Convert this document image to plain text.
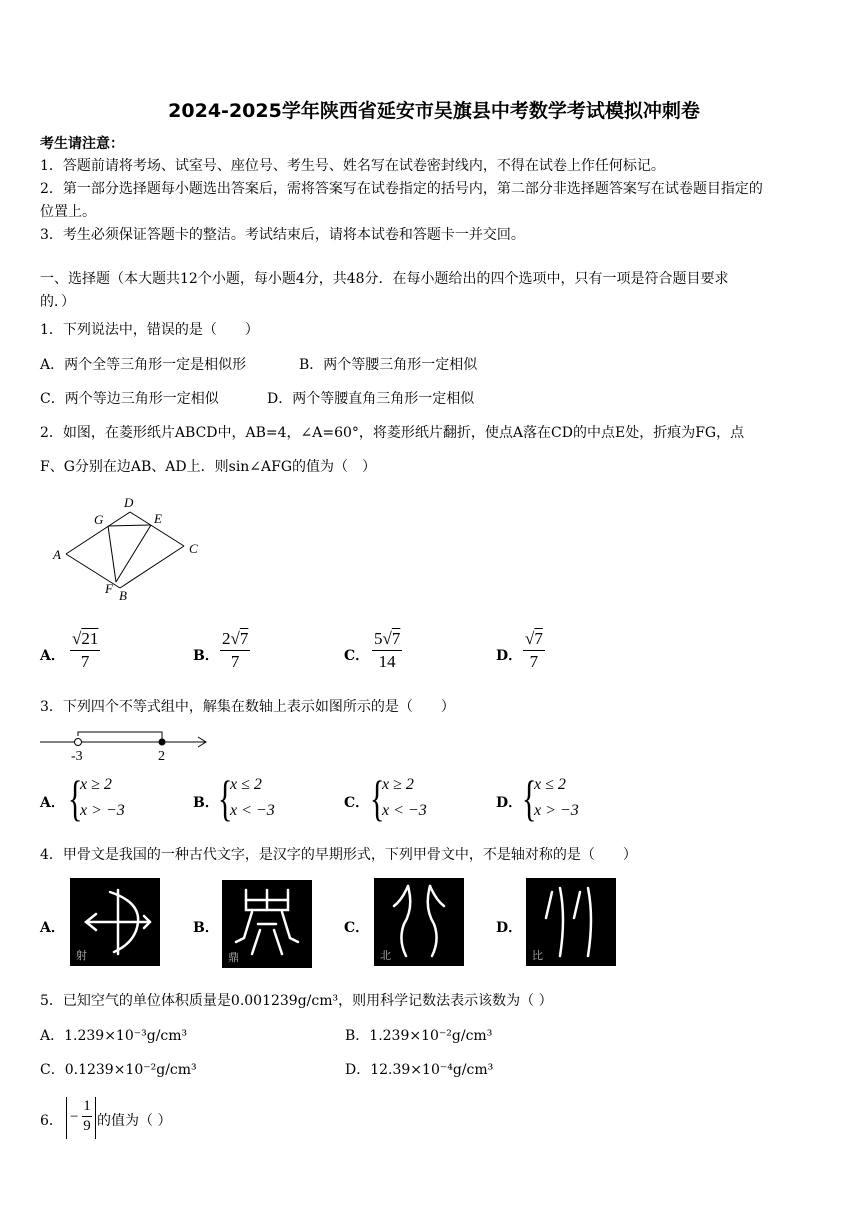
2024-2025学年陕西省延安市吴旗县中考数学考试模拟冲刺卷
考生请注意：
1．答题前请将考场、试室号、座位号、考生号、姓名写在试卷密封线内，不得在试卷上作任何标记。
2．第一部分选择题每小题选出答案后，需将答案写在试卷指定的括号内，第二部分非选择题答案写在试卷题目指定的
位置上。
3．考生必须保证答题卡的整洁。考试结束后，请将本试卷和答题卡一并交回。
一、选择题（本大题共12个小题，每小题4分，共48分．在每小题给出的四个选项中，只有一项是符合题目要求
的．）
1．下列说法中，错误的是（　　）
A．两个全等三角形一定是相似形	B．两个等腰三角形一定相似
C．两个等边三角形一定相似	D．两个等腰直角三角形一定相似
2．如图，在菱形纸片ABCD中，AB=4，∠A=60°，将菱形纸片翻折，使点A落在CD的中点E处，折痕为FG，点
F、G分别在边AB、AD上．则sin∠AFG的值为（　）
A
D
G	E
C
F B
A． $\frac{√21}{7}$	B． $\frac{2√7}{7}$	C． $\frac{5√7}{14}$	D． $\frac{√7}{7}$
3．下列四个不等式组中，解集在数轴上表示如图所示的是（　　）
-3	2
A． {
x ≥ 2
x > −3	B． {
x ≤ 2
x < −3	C． {
x ≥ 2
x < −3	D． {
x ≤ 2
x > −3
4．甲骨文是我国的一种古代文字，是汉字的早期形式，下列甲骨文中，不是轴对称的是（　　）
A．
射
B．
鼎
C．
北
D．
比
5．已知空气的单位体积质量是0.001239g/cm³，则用科学记数法表示该数为（ ）
A．1.239×10⁻³g/cm³	B．1.239×10⁻²g/cm³
C．0.1239×10⁻²g/cm³	D．12.39×10⁻⁴g/cm³
6． − $\frac{1}{9}$ 的值为（ ）
